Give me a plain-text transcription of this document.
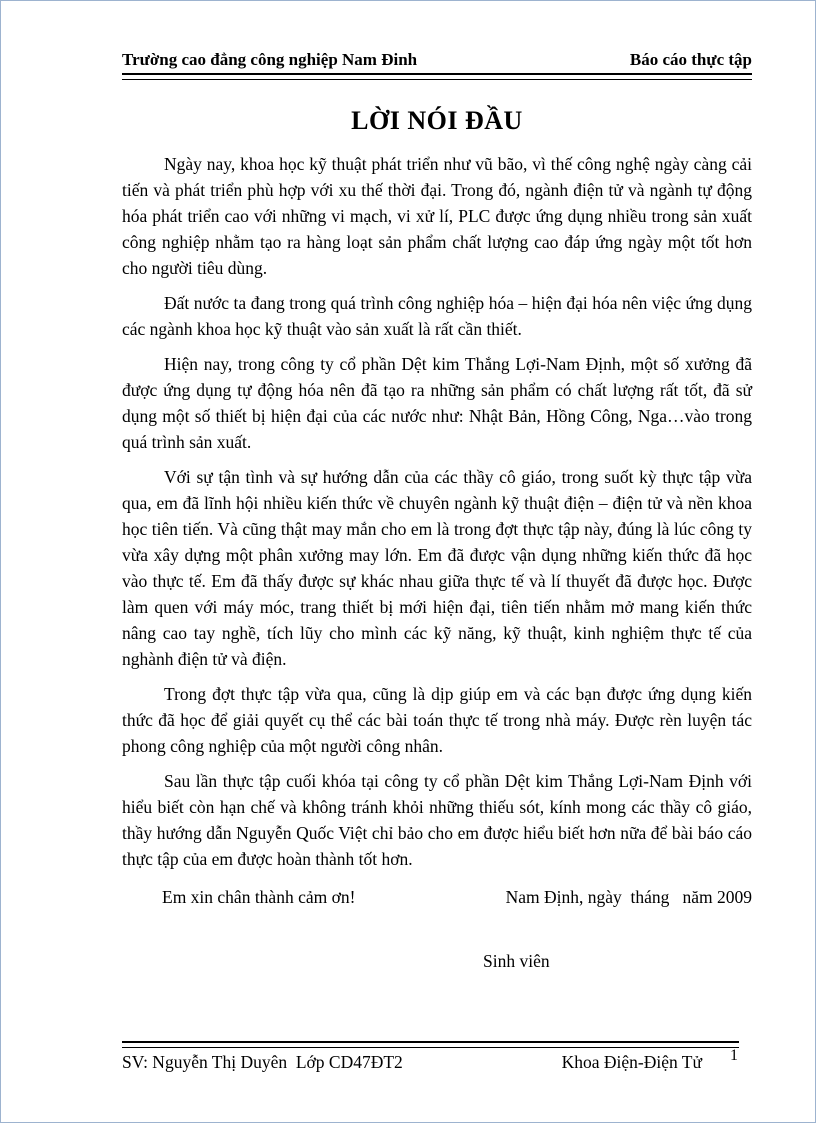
Trường cao đẳng công nghiệp Nam Đinh	Báo cáo thực tập
LỜI NÓI ĐẦU

Ngày nay, khoa học kỹ thuật phát triển như vũ bão, vì thế công nghệ ngày càng cải tiến và phát triển phù hợp với xu thế thời đại. Trong đó, ngành điện tử và ngành tự động hóa phát triển cao với những vi mạch, vi xử lí, PLC được ứng dụng nhiều trong sản xuất công nghiệp nhằm tạo ra hàng loạt sản phẩm chất lượng cao đáp ứng ngày một tốt hơn cho người tiêu dùng.

Đất nước ta đang trong quá trình công nghiệp hóa – hiện đại hóa nên việc ứng dụng các ngành khoa học kỹ thuật vào sản xuất là rất cần thiết.

Hiện nay, trong công ty cổ phần Dệt kim Thắng Lợi-Nam Định, một số xưởng đã được ứng dụng tự động hóa nên đã tạo ra những sản phẩm có chất lượng rất tốt, đã sử dụng một số thiết bị hiện đại của các nước như: Nhật Bản, Hồng Công, Nga…vào trong quá trình sản xuất.

Với sự tận tình và sự hướng dẫn của các thầy cô giáo, trong suốt kỳ thực tập vừa qua, em đã lĩnh hội nhiều kiến thức về chuyên ngành kỹ thuật điện – điện tử và nền khoa học tiên tiến. Và cũng thật may mắn cho em là trong đợt thực tập này, đúng là lúc công ty vừa xây dựng một phân xưởng may lớn. Em đã được vận dụng những kiến thức đã học vào thực tế. Em đã thấy được sự khác nhau giữa thực tế và lí thuyết đã được học. Được làm quen với máy móc, trang thiết bị mới hiện đại, tiên tiến nhằm mở mang kiến thức nâng cao tay nghề, tích lũy cho mình các kỹ năng, kỹ thuật, kinh nghiệm thực tế của nghành điện tử và điện.

Trong đợt thực tập vừa qua, cũng là dịp giúp em và các bạn được ứng dụng kiến thức đã học để giải quyết cụ thể các bài toán thực tế trong nhà máy. Được rèn luyện tác phong công nghiệp của một người công nhân.

Sau lần thực tập cuối khóa tại công ty cổ phần Dệt kim Thắng Lợi-Nam Định với hiểu biết còn hạn chế và không tránh khỏi những thiếu sót, kính mong các thầy cô giáo, thầy hướng dẫn Nguyễn Quốc Việt chỉ bảo cho em được hiểu biết hơn nữa để bài báo cáo thực tập của em được hoàn thành tốt hơn.

Em xin chân thành cảm ơn!	Nam Định, ngày  tháng   năm 2009
Sinh viên
SV: Nguyễn Thị Duyên  Lớp CD47ĐT2	Khoa Điện-Điện Tử 1
